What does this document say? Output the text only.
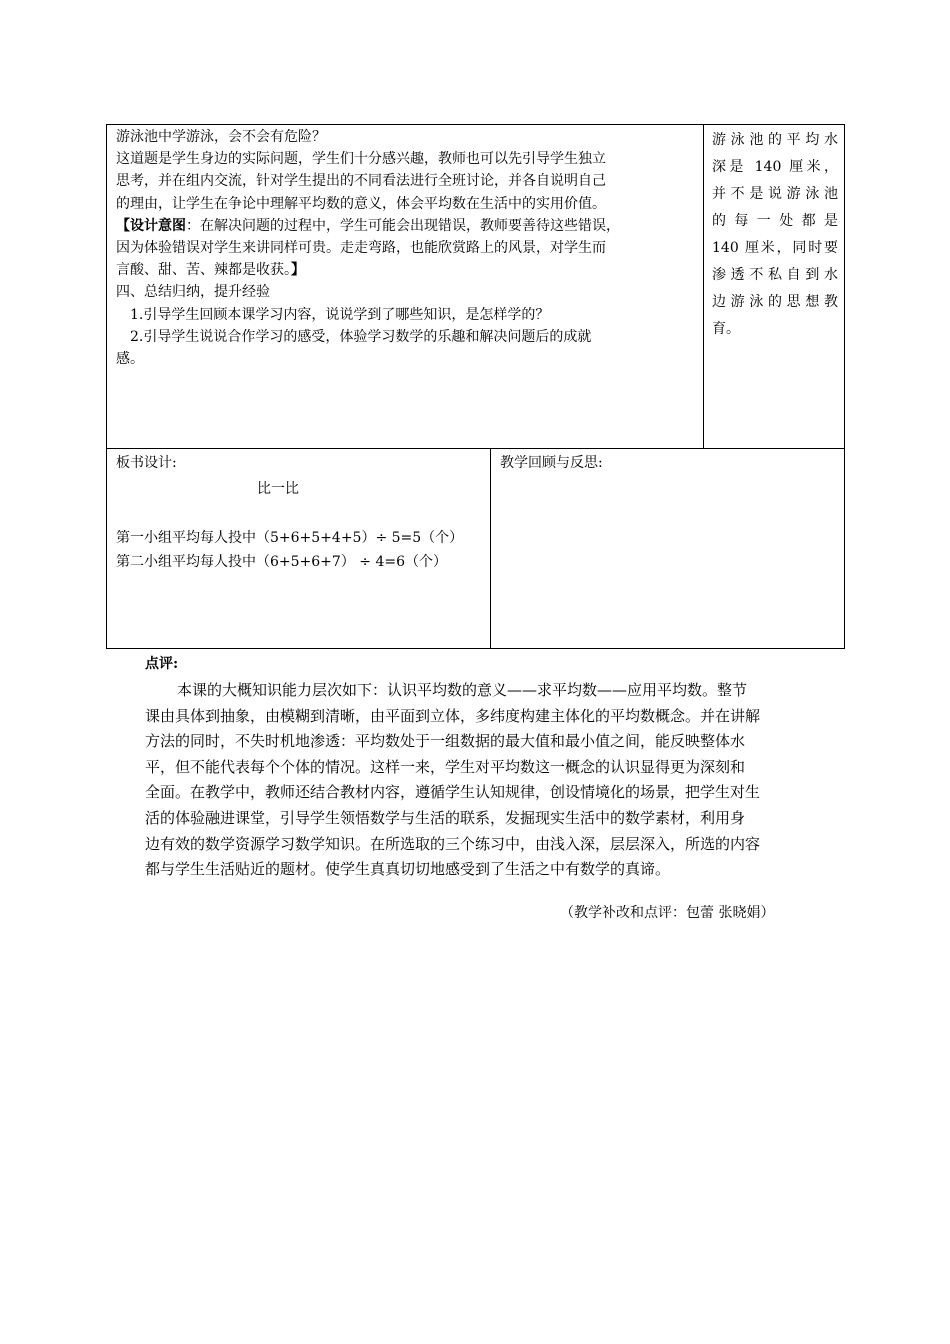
游泳池中学游泳，会不会有危险？

这道题是学生身边的实际问题，学生们十分感兴趣，教师也可以先引导学生独立

思考，并在组内交流，针对学生提出的不同看法进行全班讨论，并各自说明自己

的理由，让学生在争论中理解平均数的意义，体会平均数在生活中的实用价值。

【设计意图：在解决问题的过程中，学生可能会出现错误，教师要善待这些错误，

因为体验错误对学生来讲同样可贵。走走弯路，也能欣赏路上的风景，对学生而

言酸、甜、苦、辣都是收获。】

四、总结归纳，提升经验

1.引导学生回顾本课学习内容，说说学到了哪些知识，是怎样学的？

2.引导学生说说合作学习的感受，体验学习数学的乐趣和解决问题后的成就

感。

游泳池的平均水

深是 140 厘米，

并不是说游泳池

的每一处都是

140 厘米，同时要

渗透不私自到水

边游泳的思想教

育。

板书设计:
比一比
第一小组平均每人投中（5+6+5+4+5）÷ 5=5（个）
第二小组平均每人投中（6+5+6+7） ÷ 4=6（个）
教学回顾与反思:
点评:

本课的大概知识能力层次如下：认识平均数的意义——求平均数——应用平均数。整节

课由具体到抽象，由模糊到清晰，由平面到立体，多纬度构建主体化的平均数概念。并在讲解

方法的同时，不失时机地渗透：平均数处于一组数据的最大值和最小值之间，能反映整体水

平，但不能代表每个个体的情况。这样一来，学生对平均数这一概念的认识显得更为深刻和

全面。在教学中，教师还结合教材内容，遵循学生认知规律，创设情境化的场景，把学生对生

活的体验融进课堂，引导学生领悟数学与生活的联系，发掘现实生活中的数学素材，利用身

边有效的数学资源学习数学知识。在所选取的三个练习中，由浅入深，层层深入，所选的内容

都与学生生活贴近的题材。使学生真真切切地感受到了生活之中有数学的真谛。

（教学补改和点评：包蕾 张晓娟）
